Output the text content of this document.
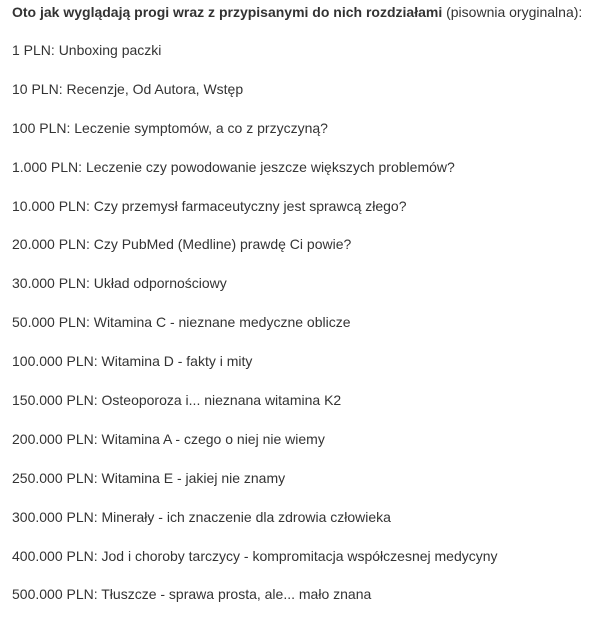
Oto jak wyglądają progi wraz z przypisanymi do nich rozdziałami (pisownia oryginalna):

1 PLN: Unboxing paczki
10 PLN: Recenzje, Od Autora, Wstęp
100 PLN: Leczenie symptomów, a co z przyczyną?
1.000 PLN: Leczenie czy powodowanie jeszcze większych problemów?
10.000 PLN: Czy przemysł farmaceutyczny jest sprawcą złego?
20.000 PLN: Czy PubMed (Medline) prawdę Ci powie?
30.000 PLN: Układ odpornościowy
50.000 PLN: Witamina C - nieznane medyczne oblicze
100.000 PLN: Witamina D - fakty i mity
150.000 PLN: Osteoporoza i... nieznana witamina K2
200.000 PLN: Witamina A - czego o niej nie wiemy
250.000 PLN: Witamina E - jakiej nie znamy
300.000 PLN: Minerały - ich znaczenie dla zdrowia człowieka
400.000 PLN: Jod i choroby tarczycy - kompromitacja współczesnej medycyny
500.000 PLN: Tłuszcze - sprawa prosta, ale... mało znana
